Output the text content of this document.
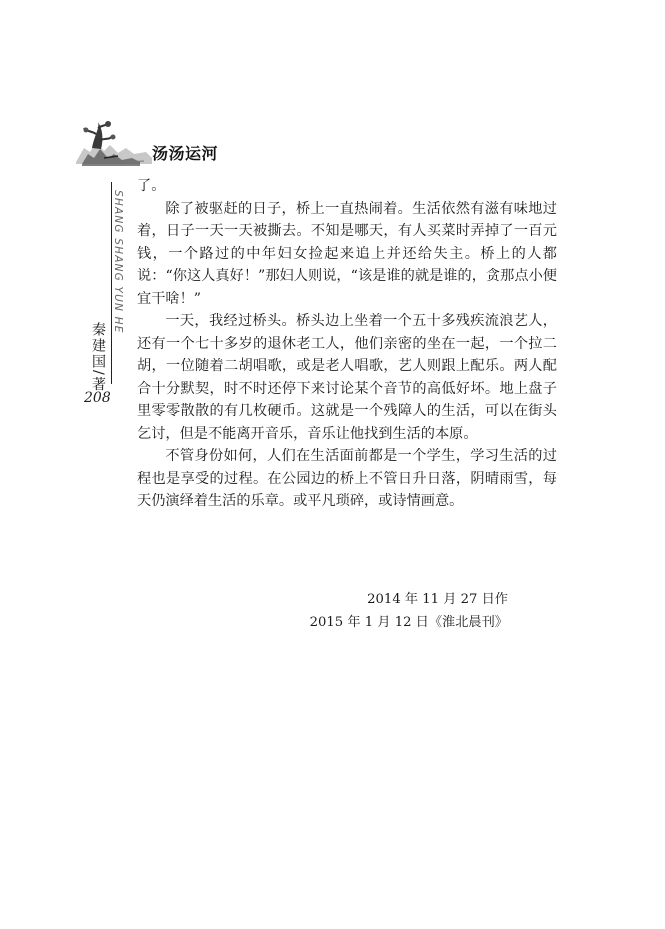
汤汤运河
SHANG SHANG YUN HE
秦建国/著
208

了。

除了被驱赶的日子，桥上一直热闹着。生活依然有滋有味地过着，日子一天一天被撕去。不知是哪天，有人买菜时弄掉了一百元钱，一个路过的中年妇女捡起来追上并还给失主。桥上的人都说：“你这人真好！”那妇人则说，“该是谁的就是谁的，贪那点小便宜干啥！”

一天，我经过桥头。桥头边上坐着一个五十多残疾流浪艺人，还有一个七十多岁的退休老工人，他们亲密的坐在一起，一个拉二胡，一位随着二胡唱歌，或是老人唱歌，艺人则跟上配乐。两人配合十分默契，时不时还停下来讨论某个音节的高低好坏。地上盘子里零零散散的有几枚硬币。这就是一个残障人的生活，可以在街头乞讨，但是不能离开音乐，音乐让他找到生活的本原。

不管身份如何，人们在生活面前都是一个学生，学习生活的过程也是享受的过程。在公园边的桥上不管日升日落，阴晴雨雪，每天仍演绎着生活的乐章。或平凡琐碎，或诗情画意。

2014 年 11 月 27 日作
2015 年 1 月 12 日《淮北晨刊》
